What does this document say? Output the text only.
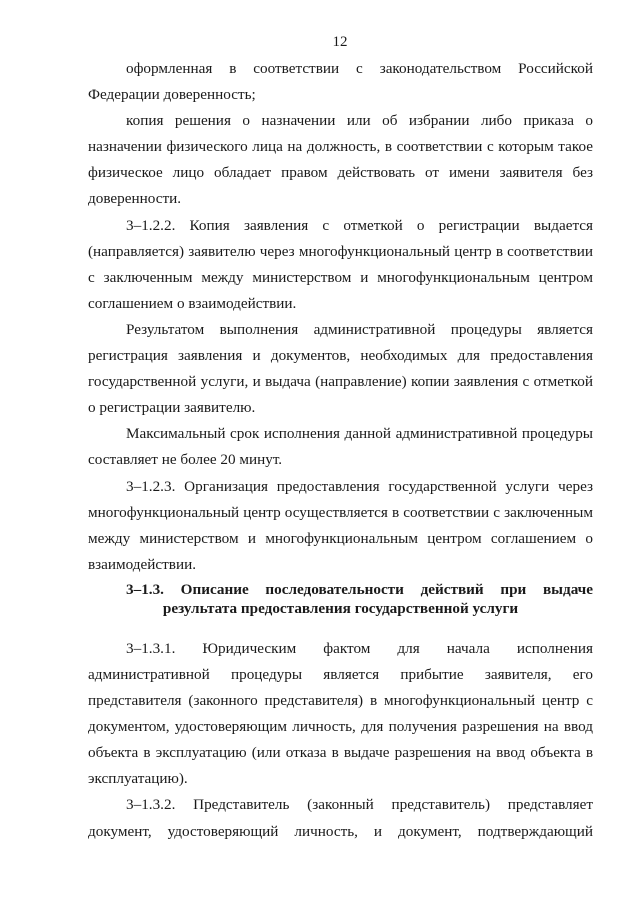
12

оформленная в соответствии с законодательством Российской Федерации доверенность;

копия решения о назначении или об избрании либо приказа о назначении физического лица на должность, в соответствии с которым такое физическое лицо обладает правом действовать от имени заявителя без доверенности.

3–1.2.2. Копия заявления с отметкой о регистрации выдается (направляется) заявителю через многофункциональный центр в соответствии с заключенным между министерством и многофункциональным центром соглашением о взаимодействии.

Результатом выполнения административной процедуры является регистрация заявления и документов, необходимых для предоставления государственной услуги, и выдача (направление) копии заявления с отметкой о регистрации заявителю.

Максимальный срок исполнения данной административной процедуры составляет не более 20 минут.

3–1.2.3. Организация предоставления государственной услуги через многофункциональный центр осуществляется в соответствии с заключенным между министерством и многофункциональным центром соглашением о взаимодействии.

3–1.3. Описание последовательности действий при выдаче
результата предоставления государственной услуги

3–1.3.1. Юридическим фактом для начала исполнения административной процедуры является прибытие заявителя, его представителя (законного представителя) в многофункциональный центр с документом, удостоверяющим личность, для получения разрешения на ввод объекта в эксплуатацию (или отказа в выдаче разрешения на ввод объекта в эксплуатацию).

3–1.3.2. Представитель (законный представитель) представляет документ, удостоверяющий личность, и документ, подтверждающий
